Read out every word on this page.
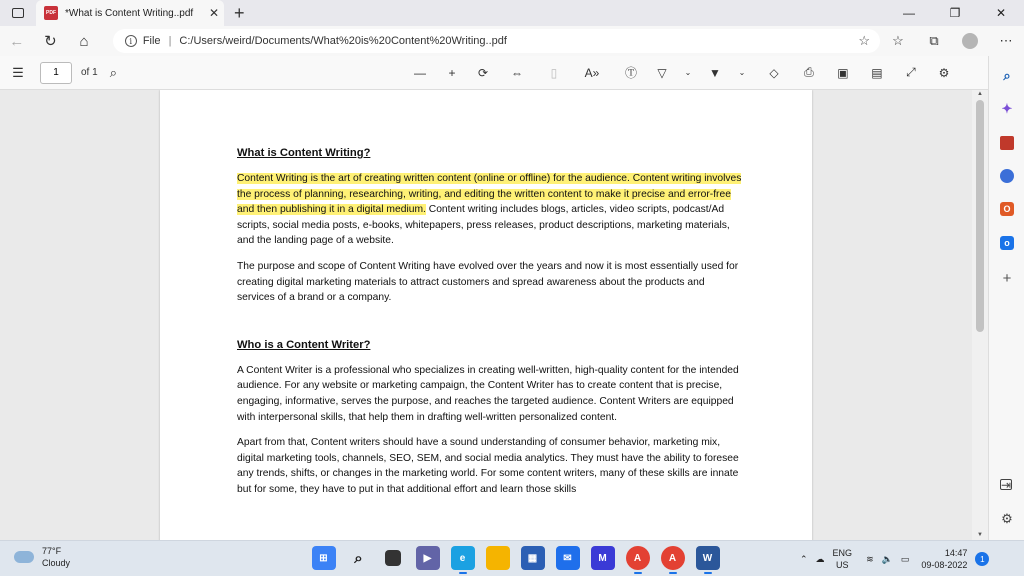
PDF *What is Content Writing..pdf	✕ +	—	❐	✕
←	↻	⌂	i File | C:/Users/weird/Documents/What%20is%20Content%20Writing..pdf	☆	☆	⧉	⋯
☰	1	of 1 ⌕	—	+	⟳	⇔	▯	A»	Ⓣ	▽	⌄	▼	⌄	◇	⎙	▣	▤	⤢	⚙
What is Content Writing?

Content Writing is the art of creating written content (online or offline) for the audience. Content writing involves the process of planning, researching, writing, and editing the written content to make it precise and error-free and then publishing it in a digital medium. Content writing includes blogs, articles, video scripts, podcast/Ad scripts, social media posts, e-books, whitepapers, press releases, product descriptions, marketing materials, and the landing page of a website.

The purpose and scope of Content Writing have evolved over the years and now it is most essentially used for creating digital marketing materials to attract customers and spread awareness about the products and services of a brand or a company.

Who is a Content Writer?

A Content Writer is a professional who specializes in creating well-written, high-quality content for the intended audience. For any website or marketing campaign, the Content Writer has to create content that is precise, engaging, informative, serves the purpose, and reaches the targeted audience. Content Writers are equipped with interpersonal skills, that help them in drafting well-written personalized content.

Apart from that, Content writers should have a sound understanding of consumer behavior, marketing mix, digital marketing tools, channels, SEO, SEM, and social media analytics. They must have the ability to foresee any trends, shifts, or changes in the marketing world. For some content writers, many of these skills are innate but for some, they have to put in that additional effort and learn those skills

▲
▼
⌕
✦
O
o
+
⇥
⚙
77°F
Cloudy	⊞	⌕	▶	e	▦	✉	M	A	A	W	⌃ ☁
ENG
US
≋ 🔈 ▭
14:47
09-08-2022
1
